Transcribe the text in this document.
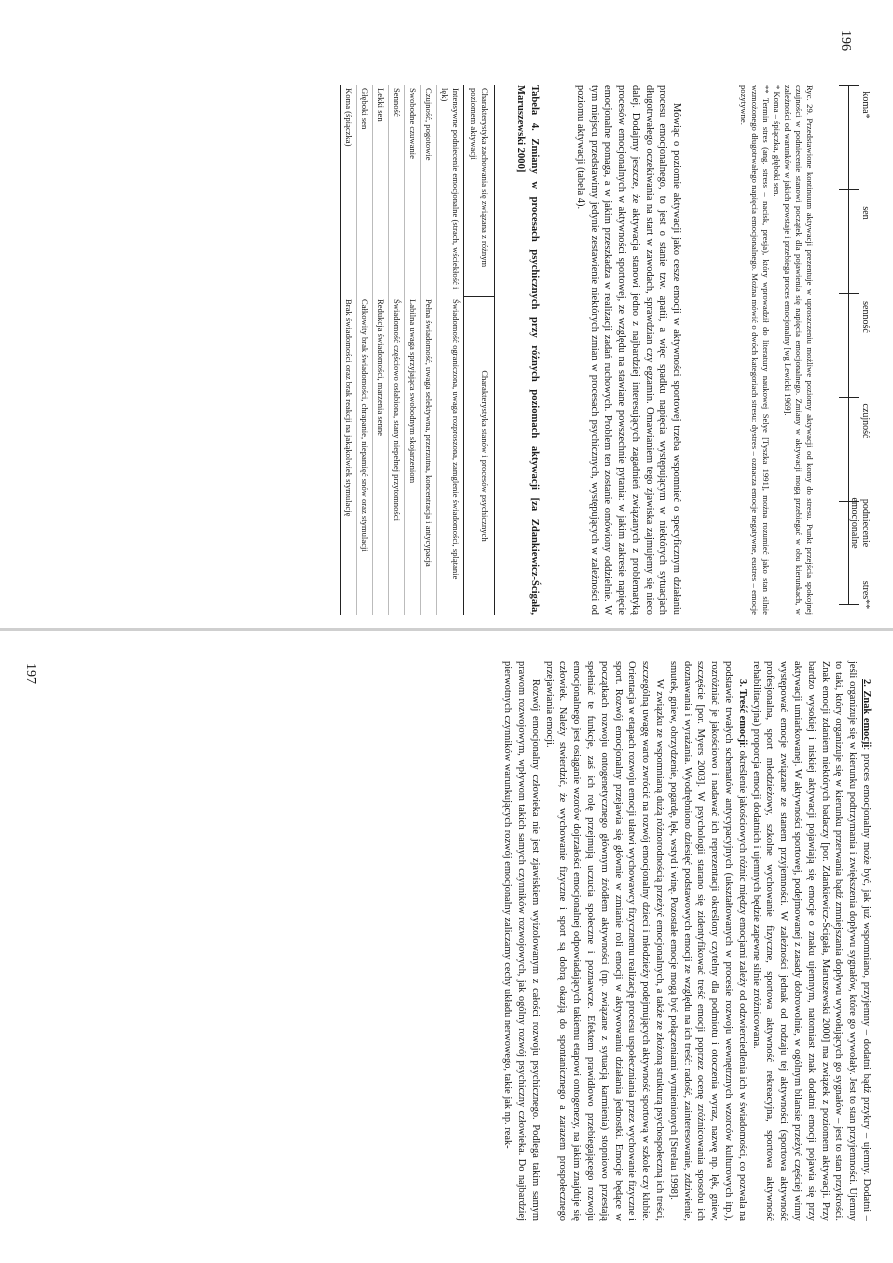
196
koma*
sen
senność
czujność
podniecenie emocjonalne
stres**

Ryc. 29. Przedstawione kontinuum aktywacji prezentuje w uproszczeniu możliwe poziomy aktywacji od komy do stresu. Punkt przejścia spokojnej czujności w podniecenie stanowi początek dla pojawienia się napięcia emocjonalnego. Zmiany w aktywacji mogą przebiegać w obu kierunkach, w zależności od warunków w jakich powstaje i przebiega proces emocjonalny [wg Lewicki 1969].

* Koma – śpiączka, głęboki sen.

** Termin stres (ang. stress – nacisk, presja), który wprowadził do literatury naukowej Selye [Tyszka 1991], można rozumieć jako stan silnie wzmożonego długotrwałego napięcia emocjonalnego. Można mówić o dwóch kategoriach stresu: dystres – oznacza emocje negatywne, eustres – emocje pozytywne.

Mówiąc o poziomie aktywacji jako cesze emocji w aktywności sportowej trzeba wspomnieć o specyficznym działaniu procesu emocjonalnego, to jest o stanie tzw. apatii, a więc spadku napięcia występującym w niektórych sytuacjach długotrwałego oczekiwania na start w zawodach, sprawdzian czy egzamin. Omawianiem tego zjawiska zajmujemy się nieco dalej. Dodajmy jeszcze, że aktywacja stanowi jedno z najbardziej interesujących zagadnień związanych z problematyką procesów emocjonalnych w aktywności sportowej, ze względu na stawiane powszechnie pytania: w jakim zakresie napięcie emocjonalne pomaga, a w jakim przeszkadza w realizacji zadań ruchowych. Problem ten zostanie omówiony oddzielnie. W tym miejscu przedstawimy jedynie zestawienie niektórych zmian w procesach psychicznych, występujących w zależności od poziomu aktywacji (tabela 4).

Tabela 4. Zmiany w procesach psychicznych przy różnych poziomach aktywacji [za Zdankiewicz-Ścigała, Maruszewski 2000]
Charakterystyka zachowania się związana z różnym poziomem aktywacji
Charakterystyka stanów i procesów psychicznych
Intensywne podniecenie emocjonalne (strach, wściekłość i lęk)
Świadomość ograniczona, uwaga rozproszona, zamglenie świadomości, splątanie
Czujność, pogotowie
Pełna świadomość, uwaga selektywna, przerzutna, koncentracja i antycypacja
Swobodne czuwanie
Labilna uwaga sprzyjająca swobodnym skojarzeniom
Senność
Świadomość częściowo osłabiona, stany niepełnej przytomności
Lekki sen
Redukcja świadomości, marzenia senne
Głęboki sen
Całkowity brak świadomości, chrapanie, niepamięć snów oraz stymulacji
Koma (śpiączka)
Brak świadomości oraz brak reakcji na jakąkolwiek stymulację

2. Znak emocji: proces emocjonalny może być, jak już wspomniano, przyjemny – dodatni bądź przykry – ujemny. Dodatni – jeśli organizuje się w kierunku podtrzymania i zwiększenia dopływu sygnałów, które go wywołały. Jest to stan przyjemności. Ujemny to taki, który organizuje się w kierunku przerwania bądź zmniejszania dopływu wywołujących go sygnałów – jest to stan przykrości. Znak emocji zdaniem niektórych badaczy [por. Zdankiewicz-Ścigała, Maruszewski 2000] ma związek z poziomem aktywacji. Przy bardzo wysokiej i niskiej aktywacji pojawiają się emocje o znaku ujemnym, natomiast znak dodatni emocji pojawia się przy aktywacji umiarkowanej. W aktywności sportowej, podejmowanej z zasady dobrowolnie, w ogólnym bilansie przeżyć częściej winny występować emocje związane ze stanem przyjemności. W zależności jednak od rodzaju tej aktywności (sportowa aktywność profesjonalna, sport młodzieżowy, szkolne wychowanie fizyczne, sportowa aktywność rekreacyjna, sportowa aktywność rehabilitacyjna) proporcja emocji dodatnich i ujemnych będzie zapewne silnie zróżnicowana.

3. Treść emocji: określenie jakościowych różnic między emocjami zależy od odzwierciedlenia ich w świadomości, co pozwala na podstawie trwałych schematów antycypacyjnych (ukształtowanych w procesie rozwoju wewnętrznych wzorców kulturowych itp.), rozróżniać je jakościowo i nadawać ich reprezentacji określony czytelny dla podmiotu i otoczenia wyraz, nazwę np. lęk, gniew, szczęście [por. Myers 2003]. W psychologii starano się zidentyfikować treść emocji poprzez ocenę zróżnicowania sposobu ich doznawania i wyrażania. Wyodrębniono dziesięć podstawowych emocji ze względu na ich treść: radość, zainteresowanie, zdziwienie, smutek, gniew, obrzydzenie, pogardę, lęk, wstyd i winę. Pozostałe emocje mogą być połączeniami wymienionych [Strelau 1998].

W związku ze wspomnianą dużą różnorodnością przeżyć emocjonalnych, a także ze złożoną strukturą psychospołeczną ich treści, szczególną uwagę warto zwrócić na rozwój emocjonalny dzieci i młodzieży podejmujących aktywność sportową w szkole czy klubie. Orientacja w etapach rozwoju emocji ułatwi wychowawcy fizycznemu realizację procesu uspołeczniania przez wychowanie fizyczne i sport. Rozwój emocjonalny przejawia się głównie w zmianie roli emocji w aktywowaniu działania jednostki. Emocje będące w początkach rozwoju ontogenetycznego głównym źródłem aktywności (np. związane z sytuacją karmienia) stopniowo przestają spełniać te funkcje, zaś ich rolę przejmują uczucia społeczne i poznawcze. Efektem prawidłowo przebiegającego rozwoju emocjonalnego jest osiąganie wzorów dojrzałości emocjonalnej odpowiadających takiemu etapowi ontogenezy, na jakim znajduje się człowiek. Należy stwierdzić, że wychowanie fizyczne i sport są dobrą okazją do spontanicznego a zarazem prospołecznego przejawiania emocji.

Rozwój emocjonalny człowieka nie jest zjawiskiem wyizolowanym z całości rozwoju psychicznego. Podlega takim samym prawom rozwojowym, wpływom takich samych czynników rozwojowych, jak ogólny rozwój psychiczny człowieka. Do najbardziej pierwotnych czynników warunkujących rozwój emocjonalny zaliczamy cechy układu nerwowego, takie jak np. reak-

197
